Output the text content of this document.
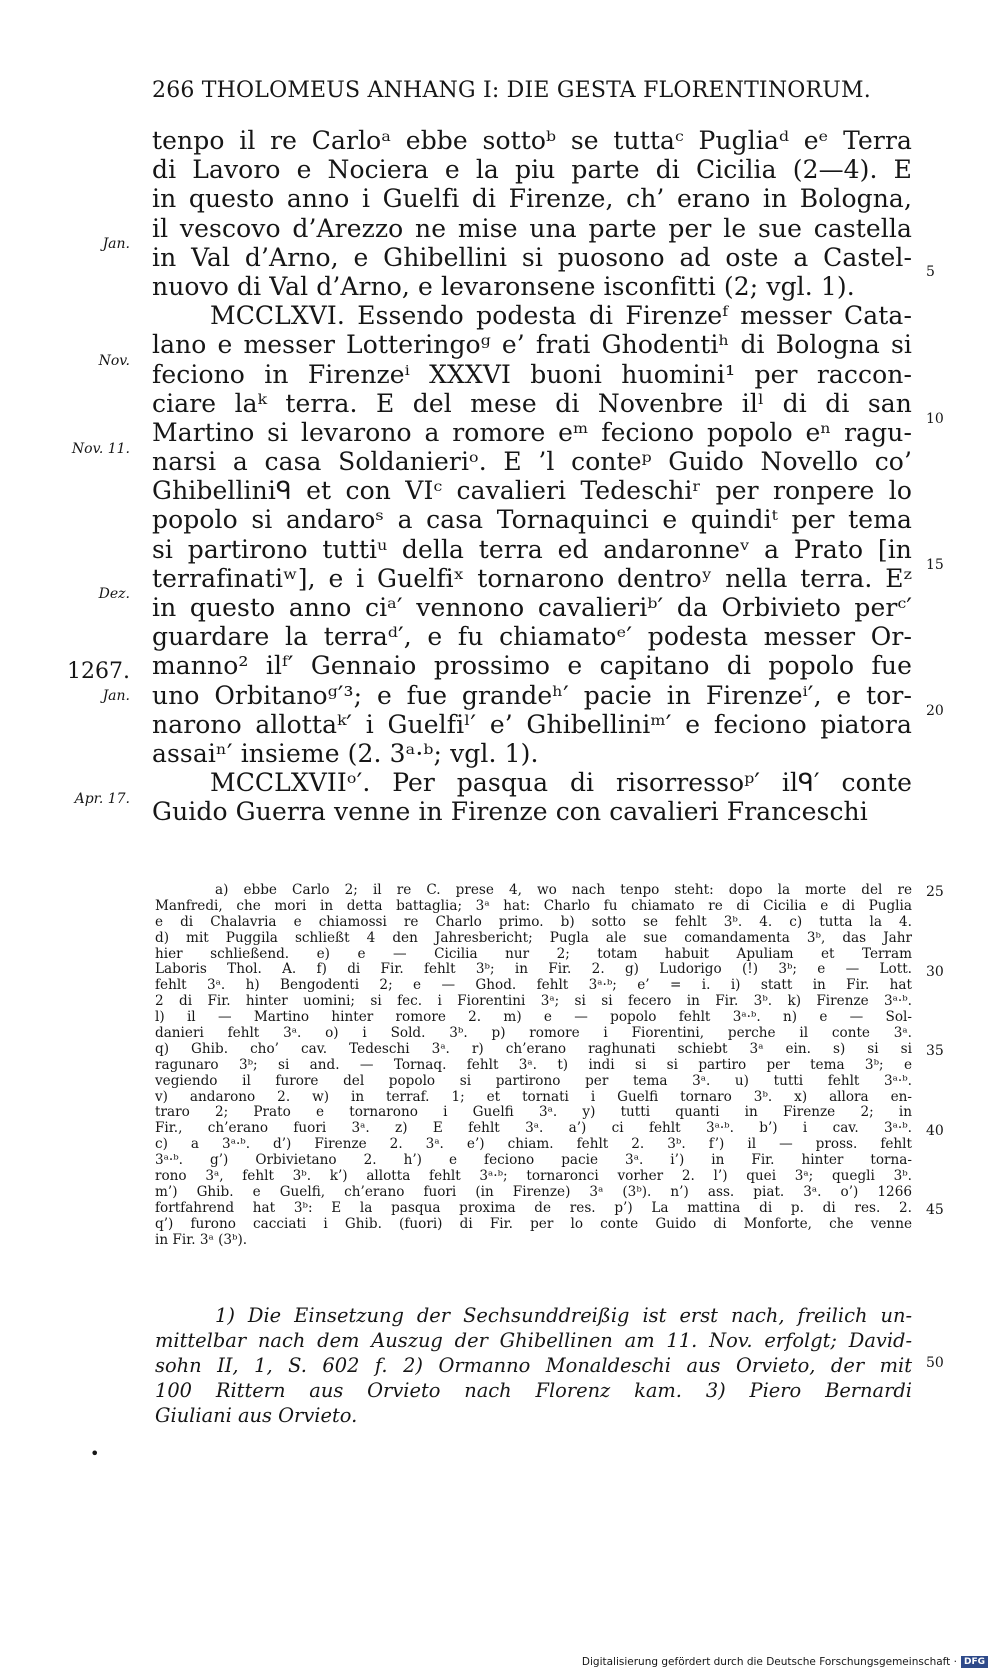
266 THOLOMEUS ANHANG I: DIE GESTA FLORENTINORUM.
tenpo il re Carloᵃ ebbe sottoᵇ se tuttaᶜ Pugliaᵈ eᵉ Terra
di Lavoro e Nociera e la piu parte di Cicilia (2—4). E
in questo anno i Guelfi di Firenze, ch’ erano in Bologna,
il vescovo d’Arezzo ne mise una parte per le sue castella
in Val d’Arno, e Ghibellini si puosono ad oste a Castel-
nuovo di Val d’Arno, e levaronsene isconfitti (2; vgl. 1).
MCCLXVI. Essendo podesta di Firenzeᶠ messer Cata-
lano e messer Lotteringoᵍ e’ frati Ghodentiʰ di Bologna si
feciono in Firenzeⁱ XXXVI buoni huomini¹ per raccon-
ciare laᵏ terra. E del mese di Novenbre ilˡ di di san
Martino si levarono a romore eᵐ feciono popolo eⁿ ragu-
narsi a casa Soldanieriᵒ. E ’l conteᵖ Guido Novello co’
Ghibelliniᑫ et con VIᶜ cavalieri Tedeschiʳ per ronpere lo
popolo si andaroˢ a casa Tornaquinci e quindiᵗ per tema
si partirono tuttiᵘ della terra ed andaronneᵛ a Prato [in
terrafinatiʷ], e i Guelfiˣ tornarono dentroʸ nella terra. Eᶻ
in questo anno ciᵃ′ vennono cavalieriᵇ′ da Orbivieto perᶜ′
guardare la terraᵈ′, e fu chiamatoᵉ′ podesta messer Or-
manno² ilᶠ′ Gennaio prossimo e capitano di popolo fue
uno Orbitanoᵍ′³; e fue grandeʰ′ pacie in Firenzeⁱ′, e tor-
narono allottaᵏ′ i Guelfiˡ′ e’ Ghibelliniᵐ′ e feciono piatora
assaiⁿ′ insieme (2. 3ᵃ·ᵇ; vgl. 1).
MCCLXVIIᵒ′. Per pasqua di risorressoᵖ′ ilᑫ′ conte
Guido Guerra venne in Firenze con cavalieri Franceschi
Jan.
Nov.
Nov. 11.
Dez.
1267.
Jan.
Apr. 17.
5
10
15
20
25
30
35
40
45
50
a) ebbe Carlo 2; il re C. prese 4, wo nach tenpo steht: dopo la morte del re
Manfredi, che mori in detta battaglia; 3ᵃ hat: Charlo fu chiamato re di Cicilia e di Puglia
e di Chalavria e chiamossi re Charlo primo. b) sotto se fehlt 3ᵇ. 4. c) tutta la 4.
d) mit Puggila schließt 4 den Jahresbericht; Pugla ale sue comandamenta 3ᵇ, das Jahr
hier schließend. e) e — Cicilia nur 2; totam habuit Apuliam et Terram
Laboris Thol. A. f) di Fir. fehlt 3ᵇ; in Fir. 2. g) Ludorigo (!) 3ᵇ; e — Lott.
fehlt 3ᵃ. h) Bengodenti 2; e — Ghod. fehlt 3ᵃ·ᵇ; e’ = i. i) statt in Fir. hat
2 di Fir. hinter uomini; si fec. i Fiorentini 3ᵃ; si si fecero in Fir. 3ᵇ. k) Firenze 3ᵃ·ᵇ.
l) il — Martino hinter romore 2. m) e — popolo fehlt 3ᵃ·ᵇ. n) e — Sol-
danieri fehlt 3ᵃ. o) i Sold. 3ᵇ. p) romore i Fiorentini, perche il conte 3ᵃ.
q) Ghib. cho’ cav. Tedeschi 3ᵃ. r) ch’erano raghunati schiebt 3ᵃ ein. s) si si
ragunaro 3ᵇ; si and. — Tornaq. fehlt 3ᵃ. t) indi si si partiro per tema 3ᵇ; e
vegiendo il furore del popolo si partirono per tema 3ᵃ. u) tutti fehlt 3ᵃ·ᵇ.
v) andarono 2. w) in terraf. 1; et tornati i Guelfi tornaro 3ᵇ. x) allora en-
traro 2; Prato e tornarono i Guelfi 3ᵃ. y) tutti quanti in Firenze 2; in
Fir., ch’erano fuori 3ᵃ. z) E fehlt 3ᵃ. a’) ci fehlt 3ᵃ·ᵇ. b’) i cav. 3ᵃ·ᵇ.
c) a 3ᵃ·ᵇ. d’) Firenze 2. 3ᵃ. e’) chiam. fehlt 2. 3ᵇ. f’) il — pross. fehlt
3ᵃ·ᵇ. g’) Orbivietano 2. h’) e feciono pacie 3ᵃ. i’) in Fir. hinter torna-
rono 3ᵃ, fehlt 3ᵇ. k’) allotta fehlt 3ᵃ·ᵇ; tornaronci vorher 2. l’) quei 3ᵃ; quegli 3ᵇ.
m’) Ghib. e Guelfi, ch’erano fuori (in Firenze) 3ᵃ (3ᵇ). n’) ass. piat. 3ᵃ. o’) 1266
fortfahrend hat 3ᵇ: E la pasqua proxima de res. p’) La mattina di p. di res. 2.
q’) furono cacciati i Ghib. (fuori) di Fir. per lo conte Guido di Monforte, che venne
in Fir. 3ᵃ (3ᵇ).
1) Die Einsetzung der Sechsunddreißig ist erst nach, freilich un-
mittelbar nach dem Auszug der Ghibellinen am 11. Nov. erfolgt; David-
sohn II, 1, S. 602 f. 2) Ormanno Monaldeschi aus Orvieto, der mit
100 Rittern aus Orvieto nach Florenz kam. 3) Piero Bernardi
Giuliani aus Orvieto.
•
Digitalisierung gefördert durch die Deutsche Forschungsgemeinschaft · DFG
